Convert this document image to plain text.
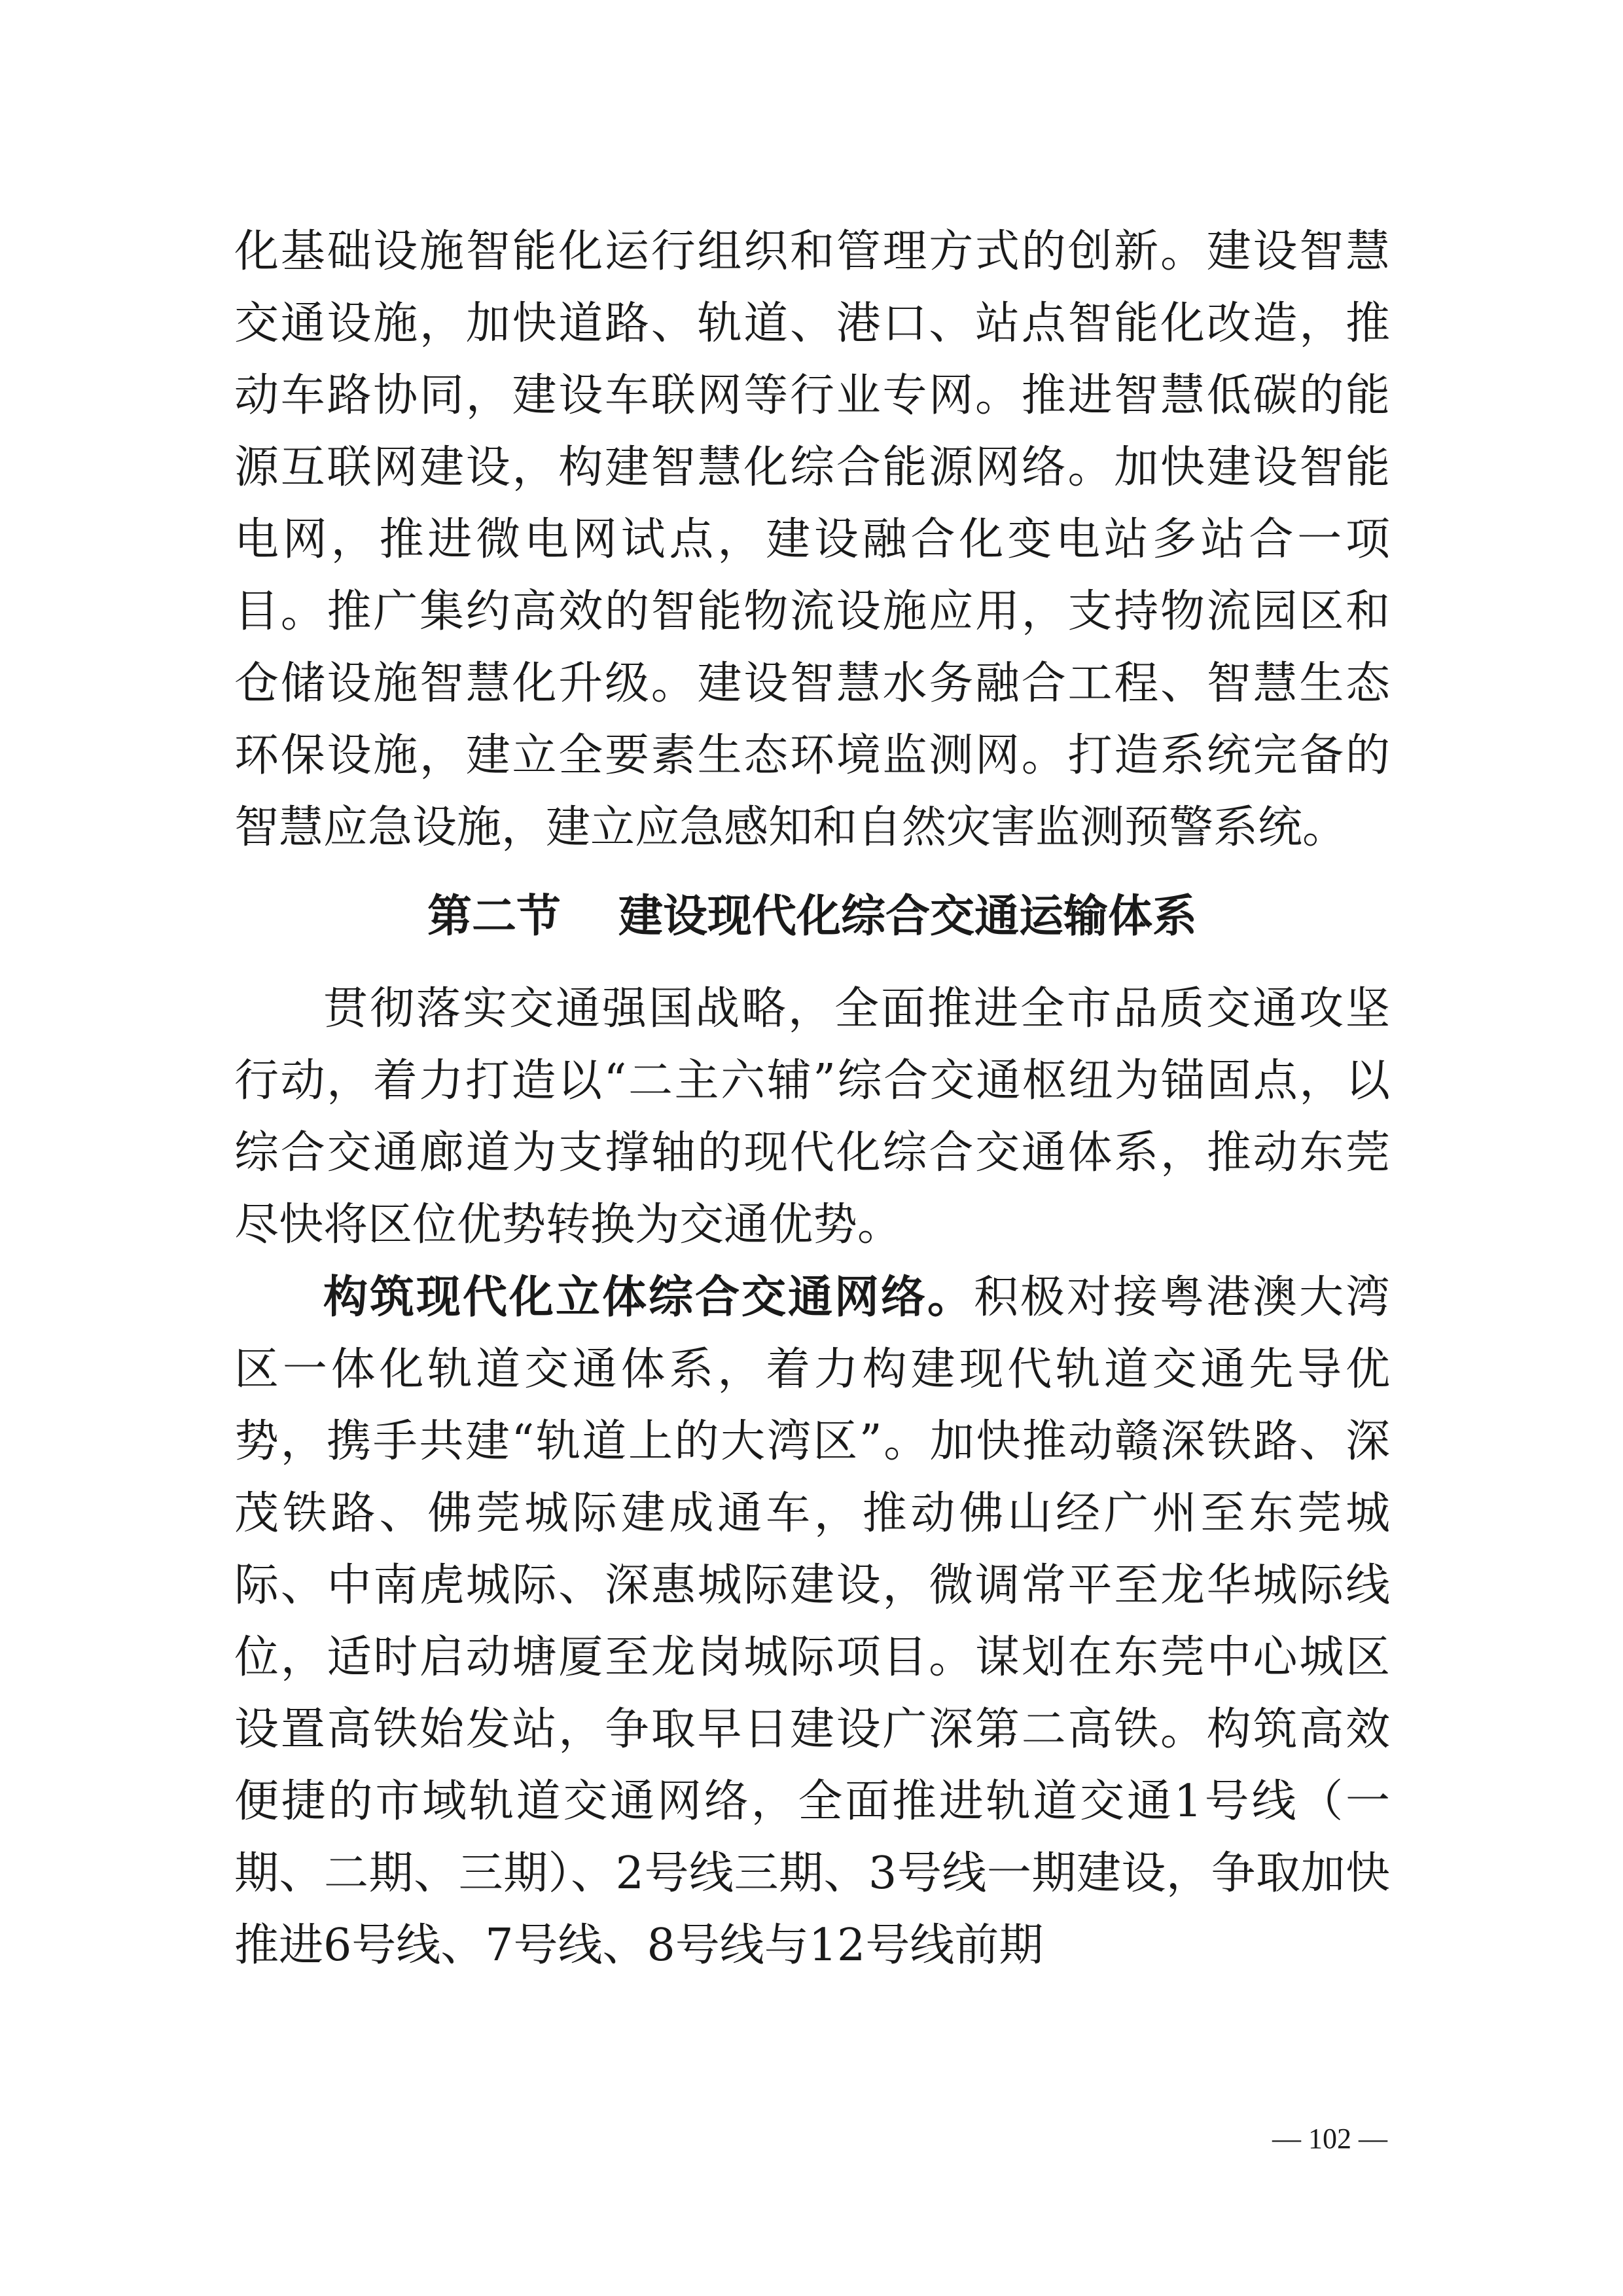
化基础设施智能化运行组织和管理方式的创新。建设智慧交通设施，加快道路、轨道、港口、站点智能化改造，推动车路协同，建设车联网等行业专网。推进智慧低碳的能源互联网建设，构建智慧化综合能源网络。加快建设智能电网，推进微电网试点，建设融合化变电站多站合一项目。推广集约高效的智能物流设施应用，支持物流园区和仓储设施智慧化升级。建设智慧水务融合工程、智慧生态环保设施，建立全要素生态环境监测网。打造系统完备的智慧应急设施，建立应急感知和自然灾害监测预警系统。

第二节 建设现代化综合交通运输体系

贯彻落实交通强国战略，全面推进全市品质交通攻坚行动，着力打造以“二主六辅”综合交通枢纽为锚固点，以综合交通廊道为支撑轴的现代化综合交通体系，推动东莞尽快将区位优势转换为交通优势。

构筑现代化立体综合交通网络。积极对接粤港澳大湾区一体化轨道交通体系，着力构建现代轨道交通先导优势，携手共建“轨道上的大湾区”。加快推动赣深铁路、深茂铁路、佛莞城际建成通车，推动佛山经广州至东莞城际、中南虎城际、深惠城际建设，微调常平至龙华城际线位，适时启动塘厦至龙岗城际项目。谋划在东莞中心城区设置高铁始发站，争取早日建设广深第二高铁。构筑高效便捷的市域轨道交通网络，全面推进轨道交通1号线（一期、二期、三期）、2号线三期、3号线一期建设，争取加快推进6号线、7号线、8号线与12号线前期

— 102 —
